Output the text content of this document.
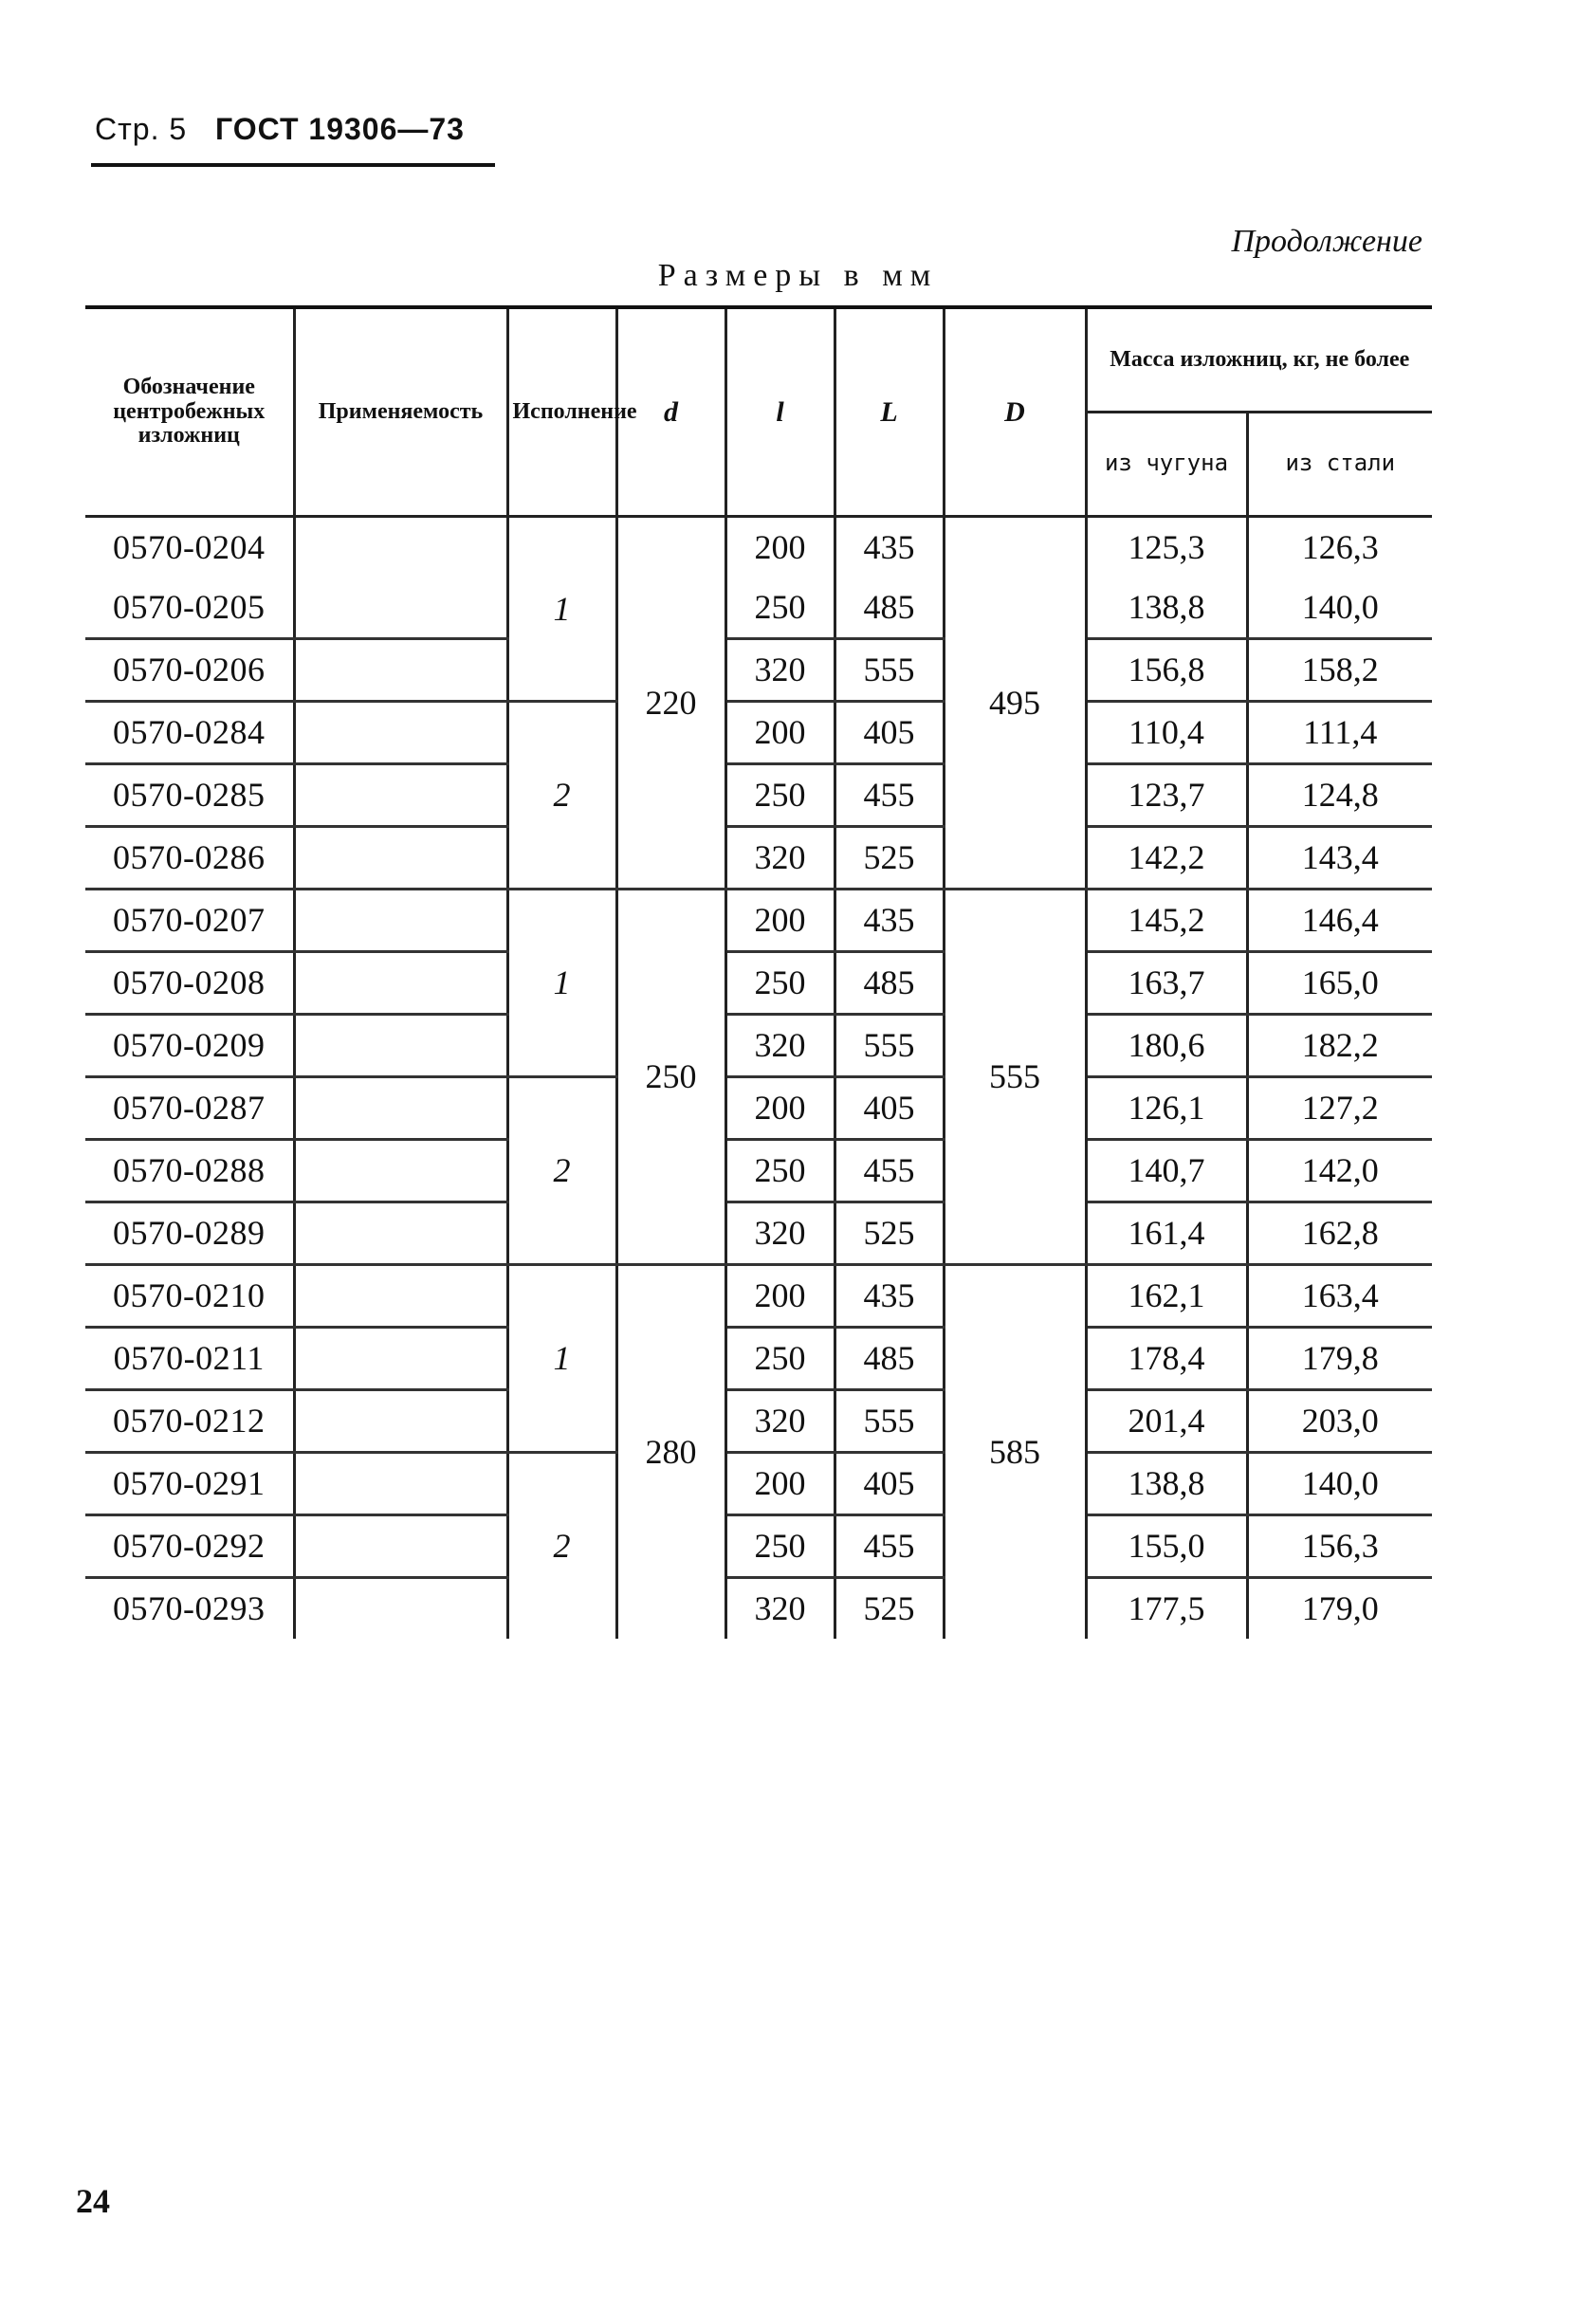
Стр. 5 ГОСТ 19306—73
Продолжение
Размеры в мм
Обозначение центробежных изложниц	Применяемость	Исполнение	d	l	L	D	Масса изложниц, кг, не более	
							из чугуна	из стали
0570-0204		1	220	200	435	495	125,3	126,3
0570-0205				250	485		138,8	140,0
0570-0206				320	555		156,8	158,2
0570-0284		2		200	405		110,4	111,4
0570-0285				250	455		123,7	124,8
0570-0286				320	525		142,2	143,4
0570-0207		1	250	200	435	555	145,2	146,4
0570-0208				250	485		163,7	165,0
0570-0209				320	555		180,6	182,2
0570-0287		2		200	405		126,1	127,2
0570-0288				250	455		140,7	142,0
0570-0289				320	525		161,4	162,8
0570-0210		1	280	200	435	585	162,1	163,4
0570-0211				250	485		178,4	179,8
0570-0212				320	555		201,4	203,0
0570-0291		2		200	405		138,8	140,0
0570-0292				250	455		155,0	156,3
0570-0293				320	525		177,5	179,0
24
